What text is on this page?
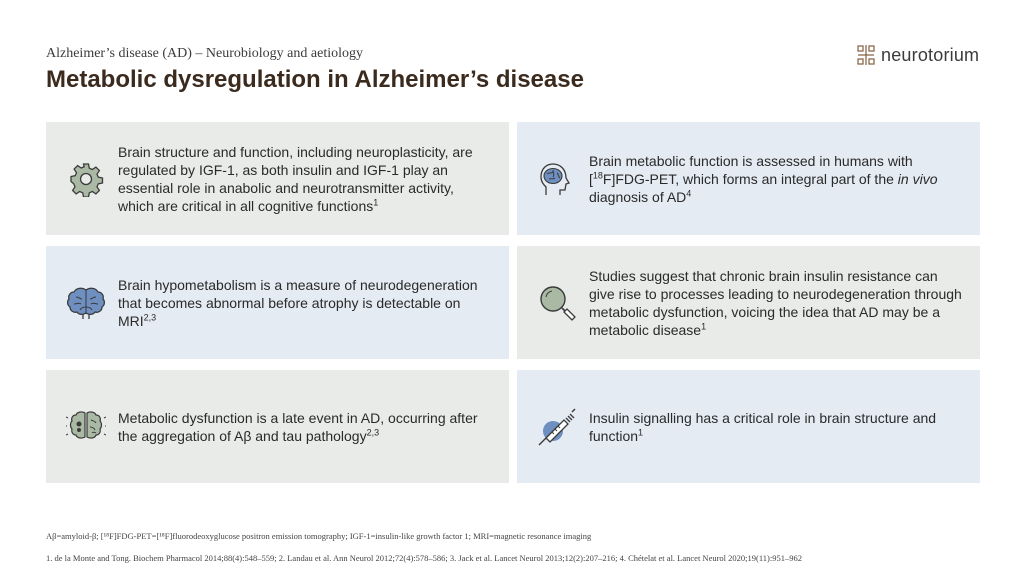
Alzheimer’s disease (AD) – Neurobiology and aetiology
Metabolic dysregulation in Alzheimer’s disease
neurotorium
Brain structure and function, including neuroplasticity, are regulated by IGF-1, as both insulin and IGF-1 play an essential role in anabolic and neurotransmitter activity, which are critical in all cognitive functions$^1$
Brain metabolic function is assessed in humans with [$^{18}$F]FDG-PET, which forms an integral part of the in vivo diagnosis of $AD^4$
Brain hypometabolism is a measure of neurodegeneration that becomes abnormal before atrophy is detectable on MRI$^{2,3}$
Studies suggest that chronic brain insulin resistance can give rise to processes leading to neurodegeneration through metabolic dysfunction, voicing the idea that AD may be a metabolic disease$^1$
Metabolic dysfunction is a late event in AD, occurring after the aggregation of Aβ and tau pathology$^{2,3}$
Insulin signalling has a critical role in brain structure and function$^1$
Aβ=amyloid-β; [¹⁸F]FDG-PET=[¹⁸F]fluorodeoxyglucose positron emission tomography; IGF-1=insulin-like growth factor 1; MRI=magnetic resonance imaging
1. de la Monte and Tong. Biochem Pharmacol 2014;88(4):548–559; 2. Landau et al. Ann Neurol 2012;72(4):578–586; 3. Jack et al. Lancet Neurol 2013;12(2):207–216; 4. Chételat et al. Lancet Neurol 2020;19(11):951–962
